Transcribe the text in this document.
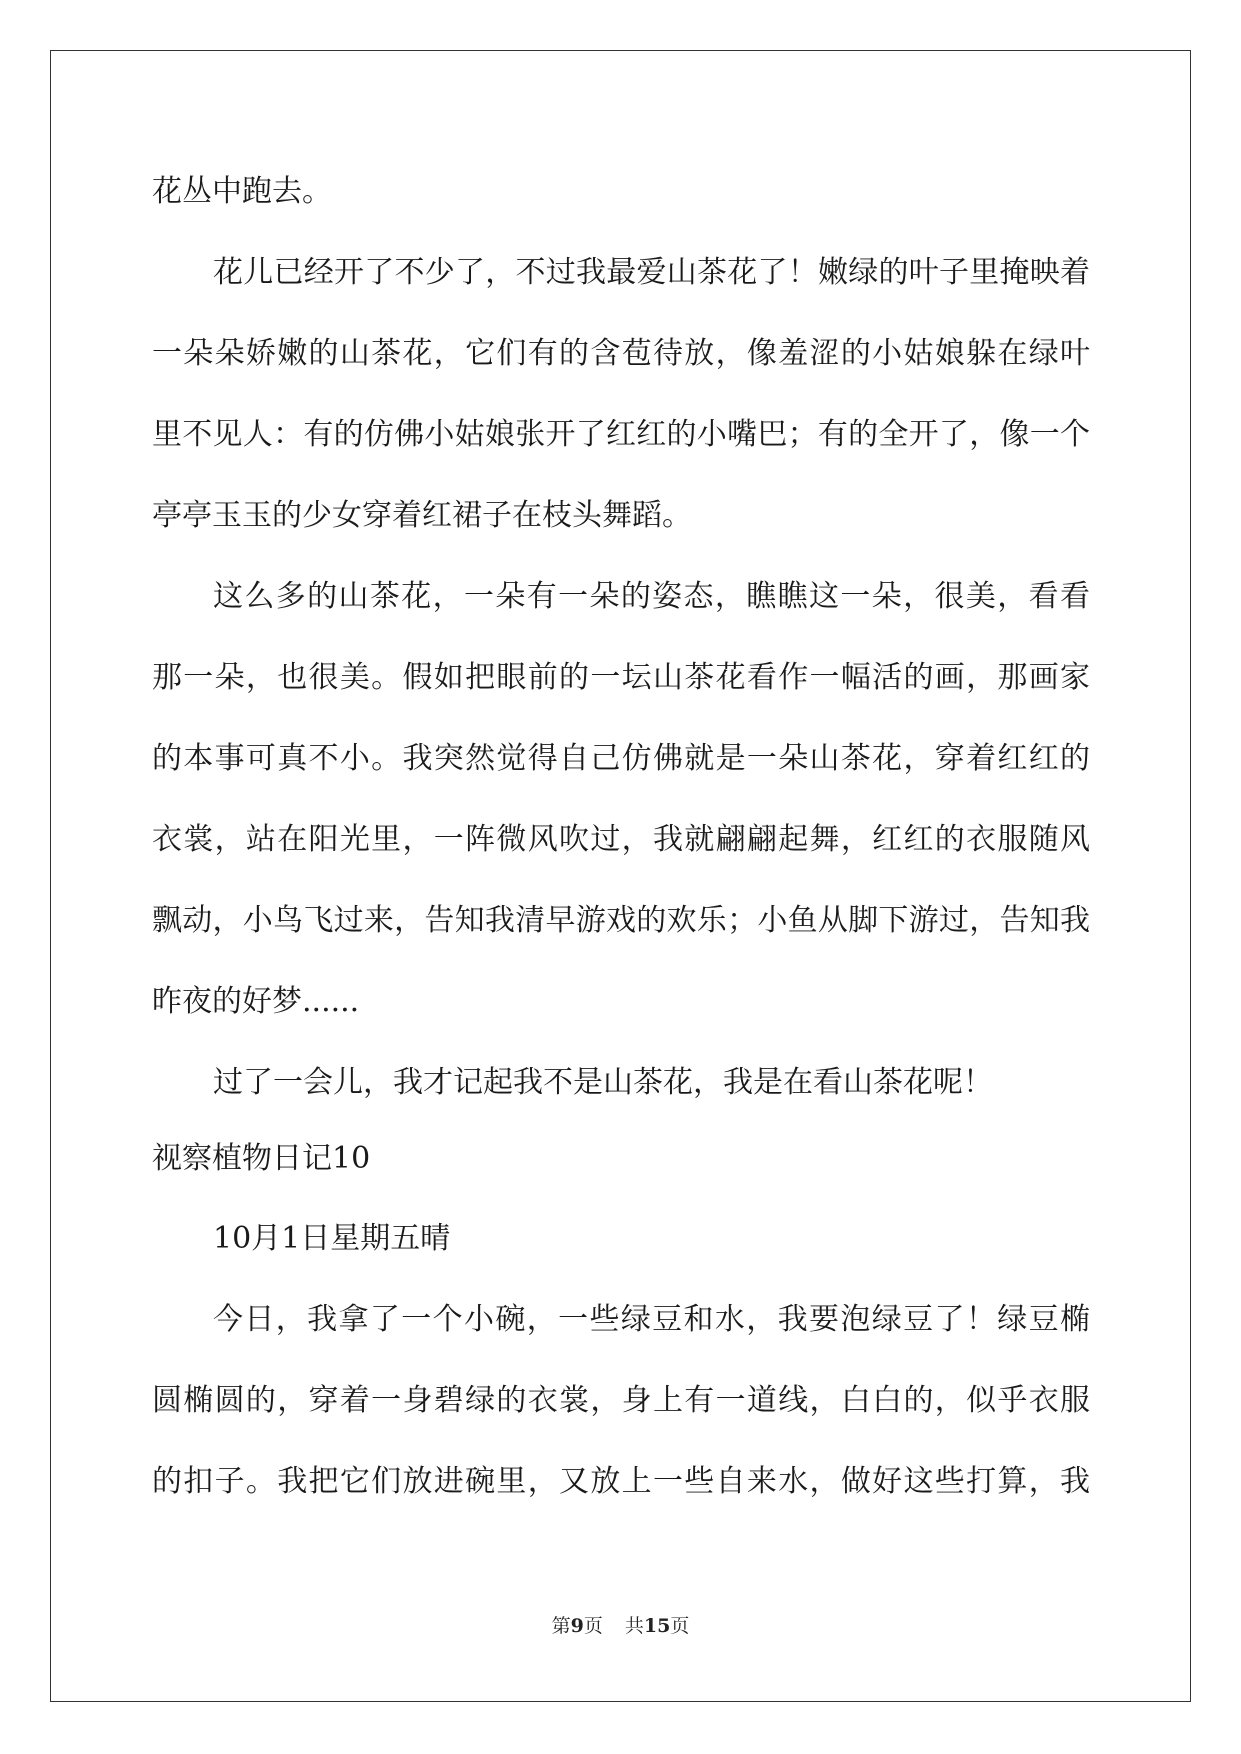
花丛中跑去。
花儿已经开了不少了，不过我最爱山茶花了！嫩绿的叶子里掩映着
一朵朵娇嫩的山茶花，它们有的含苞待放，像羞涩的小姑娘躲在绿叶
里不见人：有的仿佛小姑娘张开了红红的小嘴巴；有的全开了，像一个
亭亭玉玉的少女穿着红裙子在枝头舞蹈。
这么多的山茶花，一朵有一朵的姿态，瞧瞧这一朵，很美，看看
那一朵，也很美。假如把眼前的一坛山茶花看作一幅活的画，那画家
的本事可真不小。我突然觉得自己仿佛就是一朵山茶花，穿着红红的
衣裳，站在阳光里，一阵微风吹过，我就翩翩起舞，红红的衣服随风
飘动，小鸟飞过来，告知我清早游戏的欢乐；小鱼从脚下游过，告知我
昨夜的好梦......
过了一会儿，我才记起我不是山茶花，我是在看山茶花呢！
视察植物日记10
10月1日星期五晴
今日，我拿了一个小碗，一些绿豆和水，我要泡绿豆了！绿豆椭
圆椭圆的，穿着一身碧绿的衣裳，身上有一道线，白白的，似乎衣服
的扣子。我把它们放进碗里，又放上一些自来水，做好这些打算，我
第9页 共15页
